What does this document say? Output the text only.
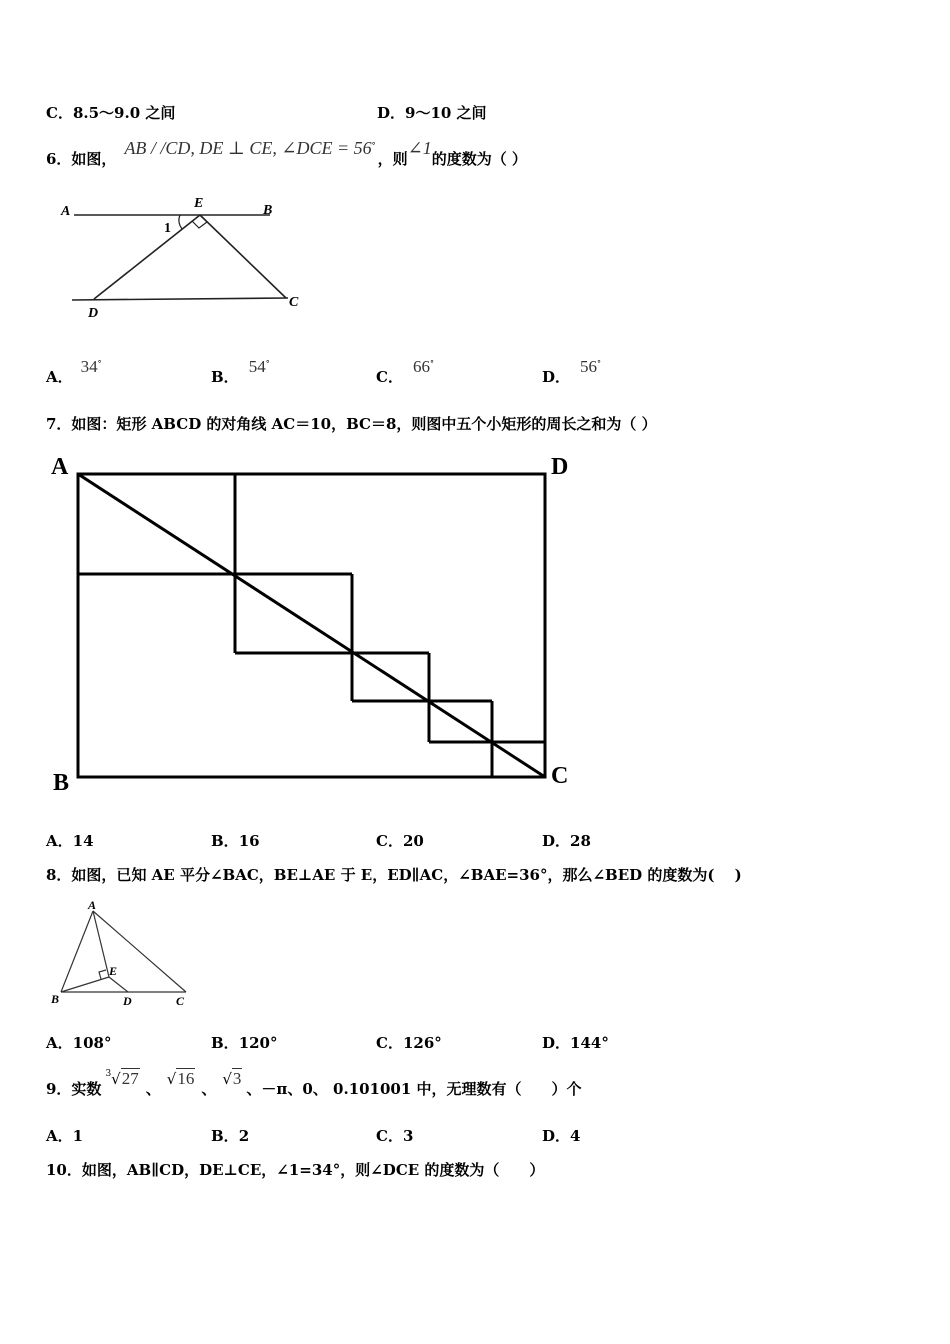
C．8.5～9.0 之间	D．9～10 之间
6．如图，AB / /CD, DE ⊥ CE, ∠DCE = 56°，则∠1的度数为（ ）
A	B
E
1
D
C
A．34°
B．54°
C．66°
D．56°
7．如图：矩形 ABCD 的对角线 AC＝10，BC＝8，则图中五个小矩形的周长之和为（ ）
A	D
B	C
A．14	B．16	C．20	D．28
8．如图，已知 AE 平分∠BAC，BE⊥AE 于 E，ED∥AC，∠BAE=36°，那么∠BED 的度数为(　 )
A
B	D	C
E
A．108°	B．120°	C．126°	D．144°
9．实数$^3$√27、√16、√3、－π、0、 0.101001 中，无理数有（　　）个
A．1	B．2	C．3	D．4
10．如图，AB∥CD，DE⊥CE，∠1=34°，则∠DCE 的度数为（　　）
